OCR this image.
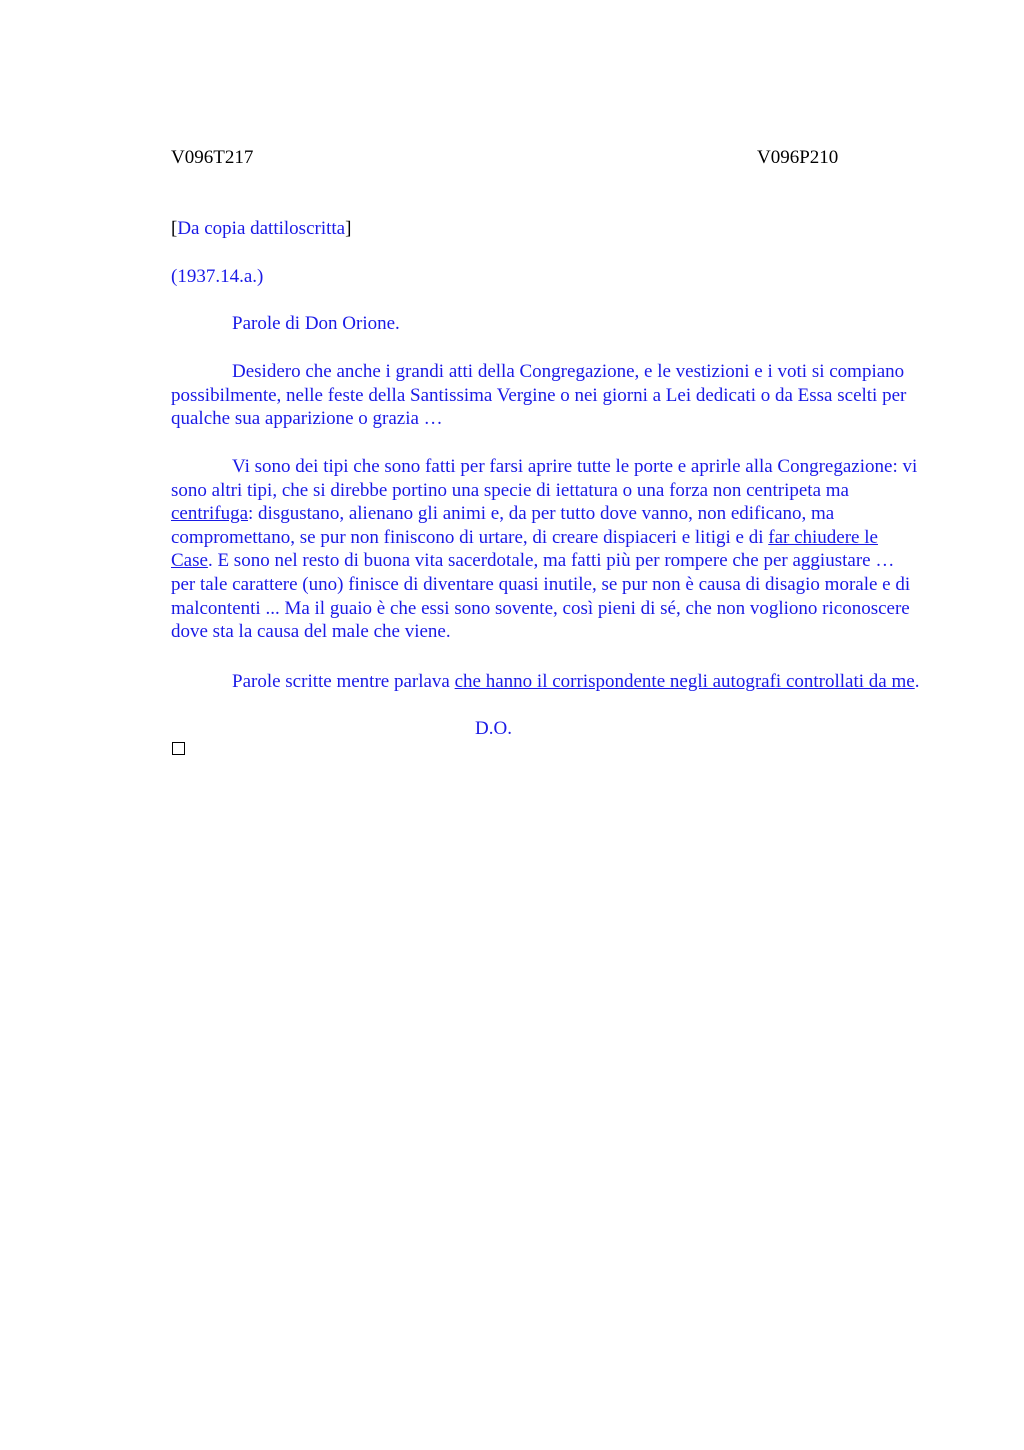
V096T217	V096P210
[Da copia dattiloscritta]
(1937.14.a.)
Parole di Don Orione.

Desidero che anche i grandi atti della Congregazione, e le vestizioni e i voti si compiano possibilmente, nelle feste della Santissima Vergine o nei giorni a Lei dedicati o da Essa scelti per qualche sua apparizione o grazia …

Vi sono dei tipi che sono fatti per farsi aprire tutte le porte e aprirle alla Congregazione: vi sono altri tipi, che si direbbe portino una specie di iettatura o una forza non centripeta ma centrifuga: disgustano, alienano gli animi e, da per tutto dove vanno, non edificano, ma compromettano, se pur non finiscono di urtare, di creare dispiaceri e litigi e di far chiudere le Case. E sono nel resto di buona vita sacerdotale, ma fatti più per rompere che per aggiustare … per tale carattere (uno) finisce di diventare quasi inutile, se pur non è causa di disagio morale e di malcontenti ... Ma il guaio è che essi sono sovente, così pieni di sé, che non vogliono riconoscere dove sta la causa del male che viene.

Parole scritte mentre parlava che hanno il corrispondente negli autografi controllati da me.

D.O.
